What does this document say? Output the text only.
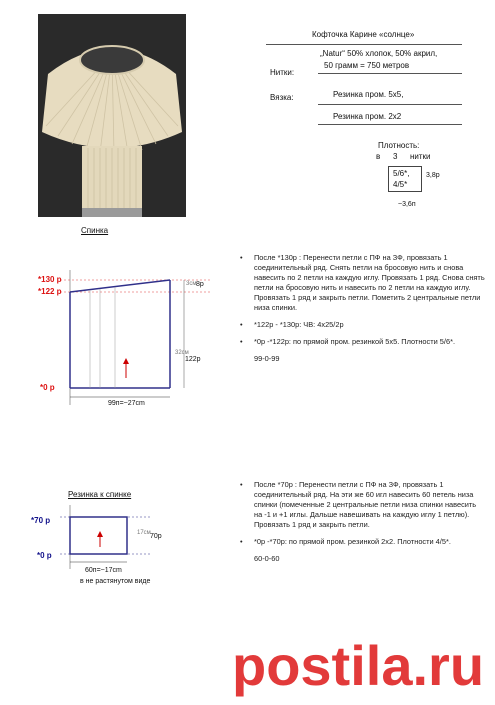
Кофточка Карине «солнце»
„Natur“ 50% хлопок, 50% акрил,
50 грамм = 750 метров
Нитки:
Вязка:	Резинка пром. 5х5,
Резинка пром. 2х2
Плотность:
в 3 нитки
5/6*,
4/5*
3,8р
~3,6п
Спинка
*130 р
*122 р
*0 р
3см 8р
32см
122р
99п=~27cm

• После *130р : Перенести петли с ПФ на ЗФ, провязать 1 соединительный ряд. Снять петли на бросовую нить и снова навесить по 2 петли на каждую иглу. Провязать 1 ряд. Снова снять петли на бросовую нить и навесить по 2 петли на каждую иглу. Провязать 1 ряд и закрыть петли. Пометить 2 центральные петли низа спинки.

• *122р - *130р: ЧВ: 4х25/2р

• *0р -*122р: по прямой пром. резинкой 5х5. Плотности 5/6*.

99-0-99

Резинка к спинке
*70 р
*0 р
17см 70р
60п=~17cm
в не растянутом виде

• После *70р : Перенести петли с ПФ на ЗФ, провязать 1 соединительный ряд. На эти же 60 игл навесить 60 петель низа спинки (помеченные 2 центральные петли низа спинки навесить на -1 и +1 иглы. Дальше навешивать на каждую иглу 1 петлю). Провязать 1 ряд и закрыть петли.

• *0р -*70р: по прямой пром. резинкой 2х2. Плотности 4/5*.

60-0-60

postila.ru
